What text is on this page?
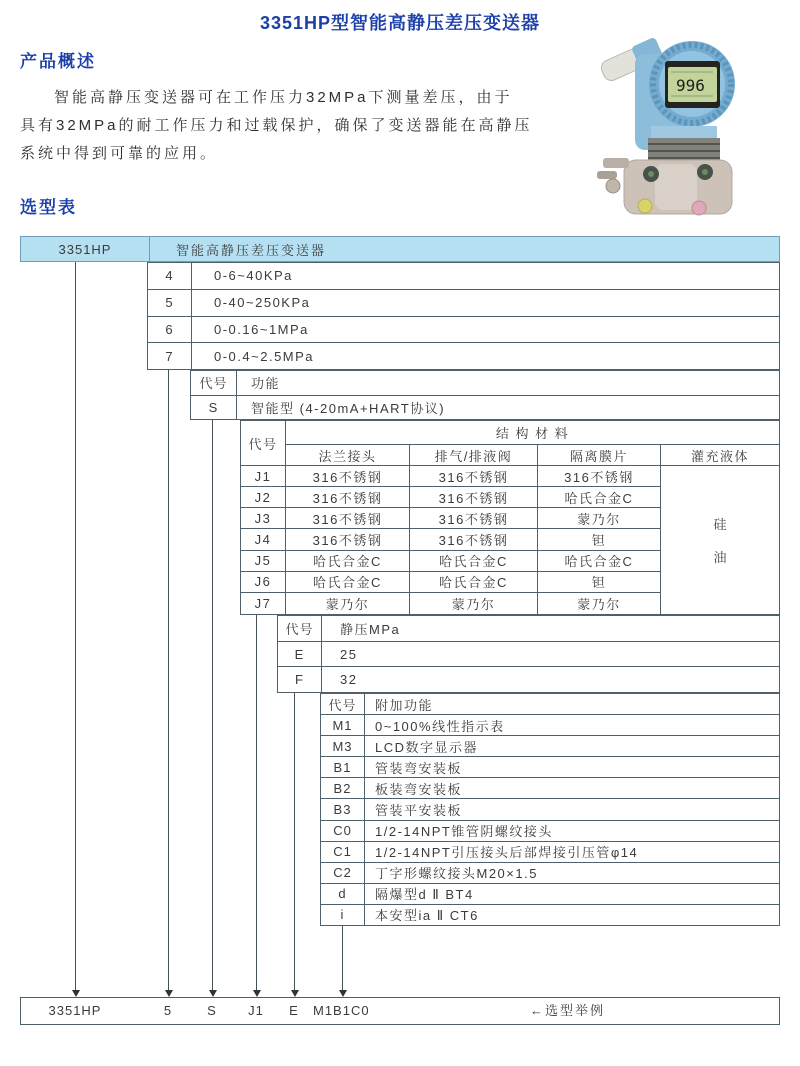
3351HP型智能高静压差压变送器
产品概述
智能高静压变送器可在工作压力32MPa下测量差压，由于
具有32MPa的耐工作压力和过载保护，确保了变送器能在高静压
系统中得到可靠的应用。
选型表
996
3351HP	智能高静压差压变送器
4	0-6~40KPa
5	0-40~250KPa
6	0-0.16~1MPa
7	0-0.4~2.5MPa
代号	功能
S	智能型 (4-20mA+HART协议)
代号
结 构 材 料
法兰接头	排气/排液阀	隔离膜片	灌充液体
J1	316不锈钢	316不锈钢	316不锈钢
J2	316不锈钢	316不锈钢	哈氏合金C
J3	316不锈钢	316不锈钢	蒙乃尔
J4	316不锈钢	316不锈钢	钽
J5	哈氏合金C	哈氏合金C	哈氏合金C
J6	哈氏合金C	哈氏合金C	钽
J7	蒙乃尔	蒙乃尔	蒙乃尔
硅
油
代号	静压MPa
E	25
F	32
代号	附加功能
M1	0~100%线性指示表
M3	LCD数字显示器
B1	管装弯安装板
B2	板装弯安装板
B3	管装平安装板
C0	1/2-14NPT锥管阴螺纹接头
C1	1/2-14NPT引压接头后部焊接引压管φ14
C2	丁字形螺纹接头M20×1.5
d	隔爆型d Ⅱ BT4
i	本安型ia Ⅱ CT6
3351HP	5	S	J1	E	M1B1C0	←选型举例
